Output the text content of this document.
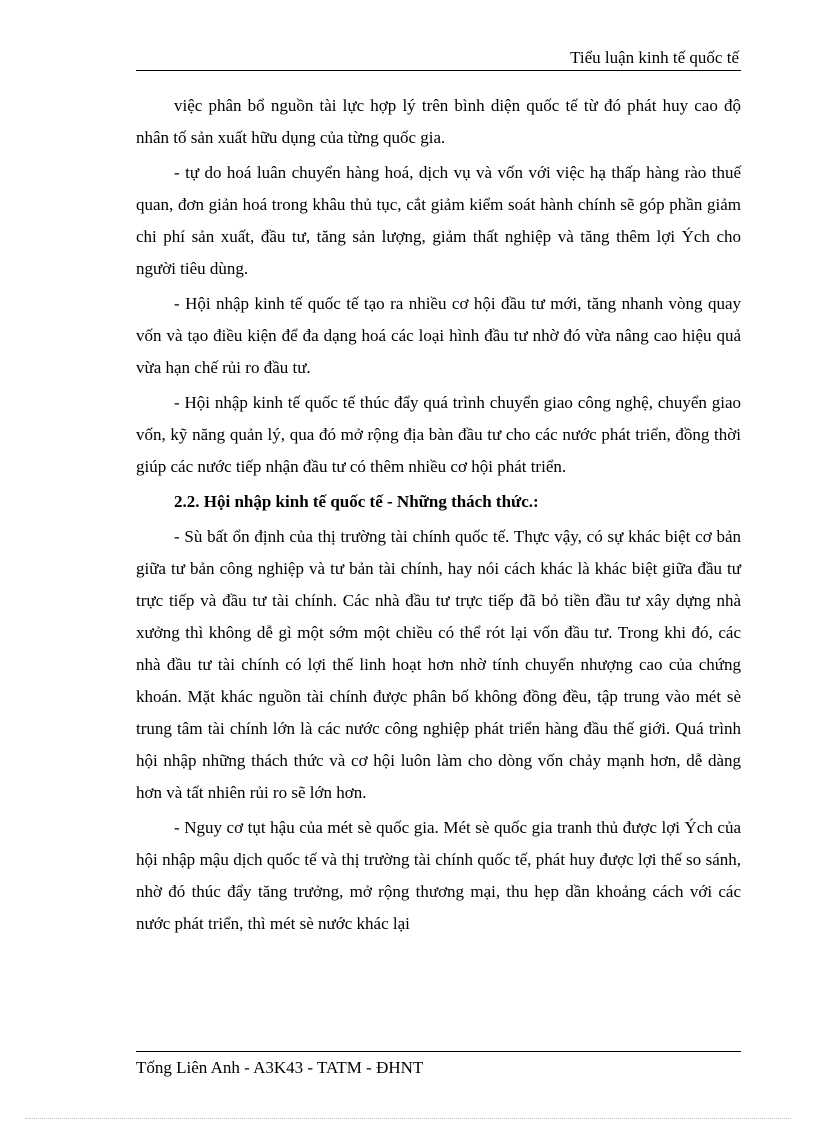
Tiểu luận kinh tế quốc tế

việc phân bổ nguồn tài lực hợp lý trên bình diện quốc tế từ đó phát huy cao độ nhân tố sản xuất hữu dụng của từng quốc gia.

- tự do hoá luân chuyển hàng hoá, dịch vụ và vốn với việc hạ thấp hàng rào thuế quan, đơn giản hoá trong khâu thủ tục, cắt giảm kiểm soát hành chính sẽ góp phần giảm chi phí sản xuất, đầu tư, tăng sản lượng, giảm thất nghiệp và tăng thêm lợi Ých cho người tiêu dùng.

- Hội nhập kinh tế quốc tế tạo ra nhiều cơ hội đầu tư mới, tăng nhanh vòng quay vốn và tạo điều kiện để đa dạng hoá các loại hình đầu tư nhờ đó vừa nâng cao hiệu quả vừa hạn chế rủi ro đầu tư.

- Hội nhập kinh tế quốc tế thúc đẩy quá trình chuyển giao công nghệ, chuyển giao vốn, kỹ năng quản lý, qua đó mở rộng địa bàn đầu tư cho các nước phát triển, đồng thời giúp các nước tiếp nhận đầu tư có thêm nhiều cơ hội phát triển.

2.2. Hội nhập kinh tế quốc tế - Những thách thức.:

- Sù bất ổn định của thị trường tài chính quốc tế. Thực vậy, có sự khác biệt cơ bản giữa tư bản công nghiệp và tư bản tài chính, hay nói cách khác là khác biệt giữa đầu tư trực tiếp và đầu tư tài chính. Các nhà đầu tư trực tiếp đã bỏ tiền đầu tư xây dựng nhà xưởng thì không dễ gì một sớm một chiều có thể rót lại vốn đầu tư. Trong khi đó, các nhà đầu tư tài chính có lợi thế linh hoạt hơn nhờ tính chuyển nhượng cao của chứng khoán. Mặt khác nguồn tài chính được phân bố không đồng đều, tập trung vào mét sè trung tâm tài chính lớn là các nước công nghiệp phát triển hàng đầu thế giới. Quá trình hội nhập những thách thức và cơ hội luôn làm cho dòng vốn chảy mạnh hơn, dễ dàng hơn và tất nhiên rủi ro sẽ lớn hơn.

- Nguy cơ tụt hậu của mét sè quốc gia. Mét sè quốc gia tranh thủ được lợi Ých của hội nhập mậu dịch quốc tế và thị trường tài chính quốc tế, phát huy được lợi thế so sánh, nhờ đó thúc đẩy tăng trưởng, mở rộng thương mại, thu hẹp dần khoảng cách với các nước phát triển, thì mét sè nước khác lại

Tống Liên Anh - A3K43 - TATM - ĐHNT
